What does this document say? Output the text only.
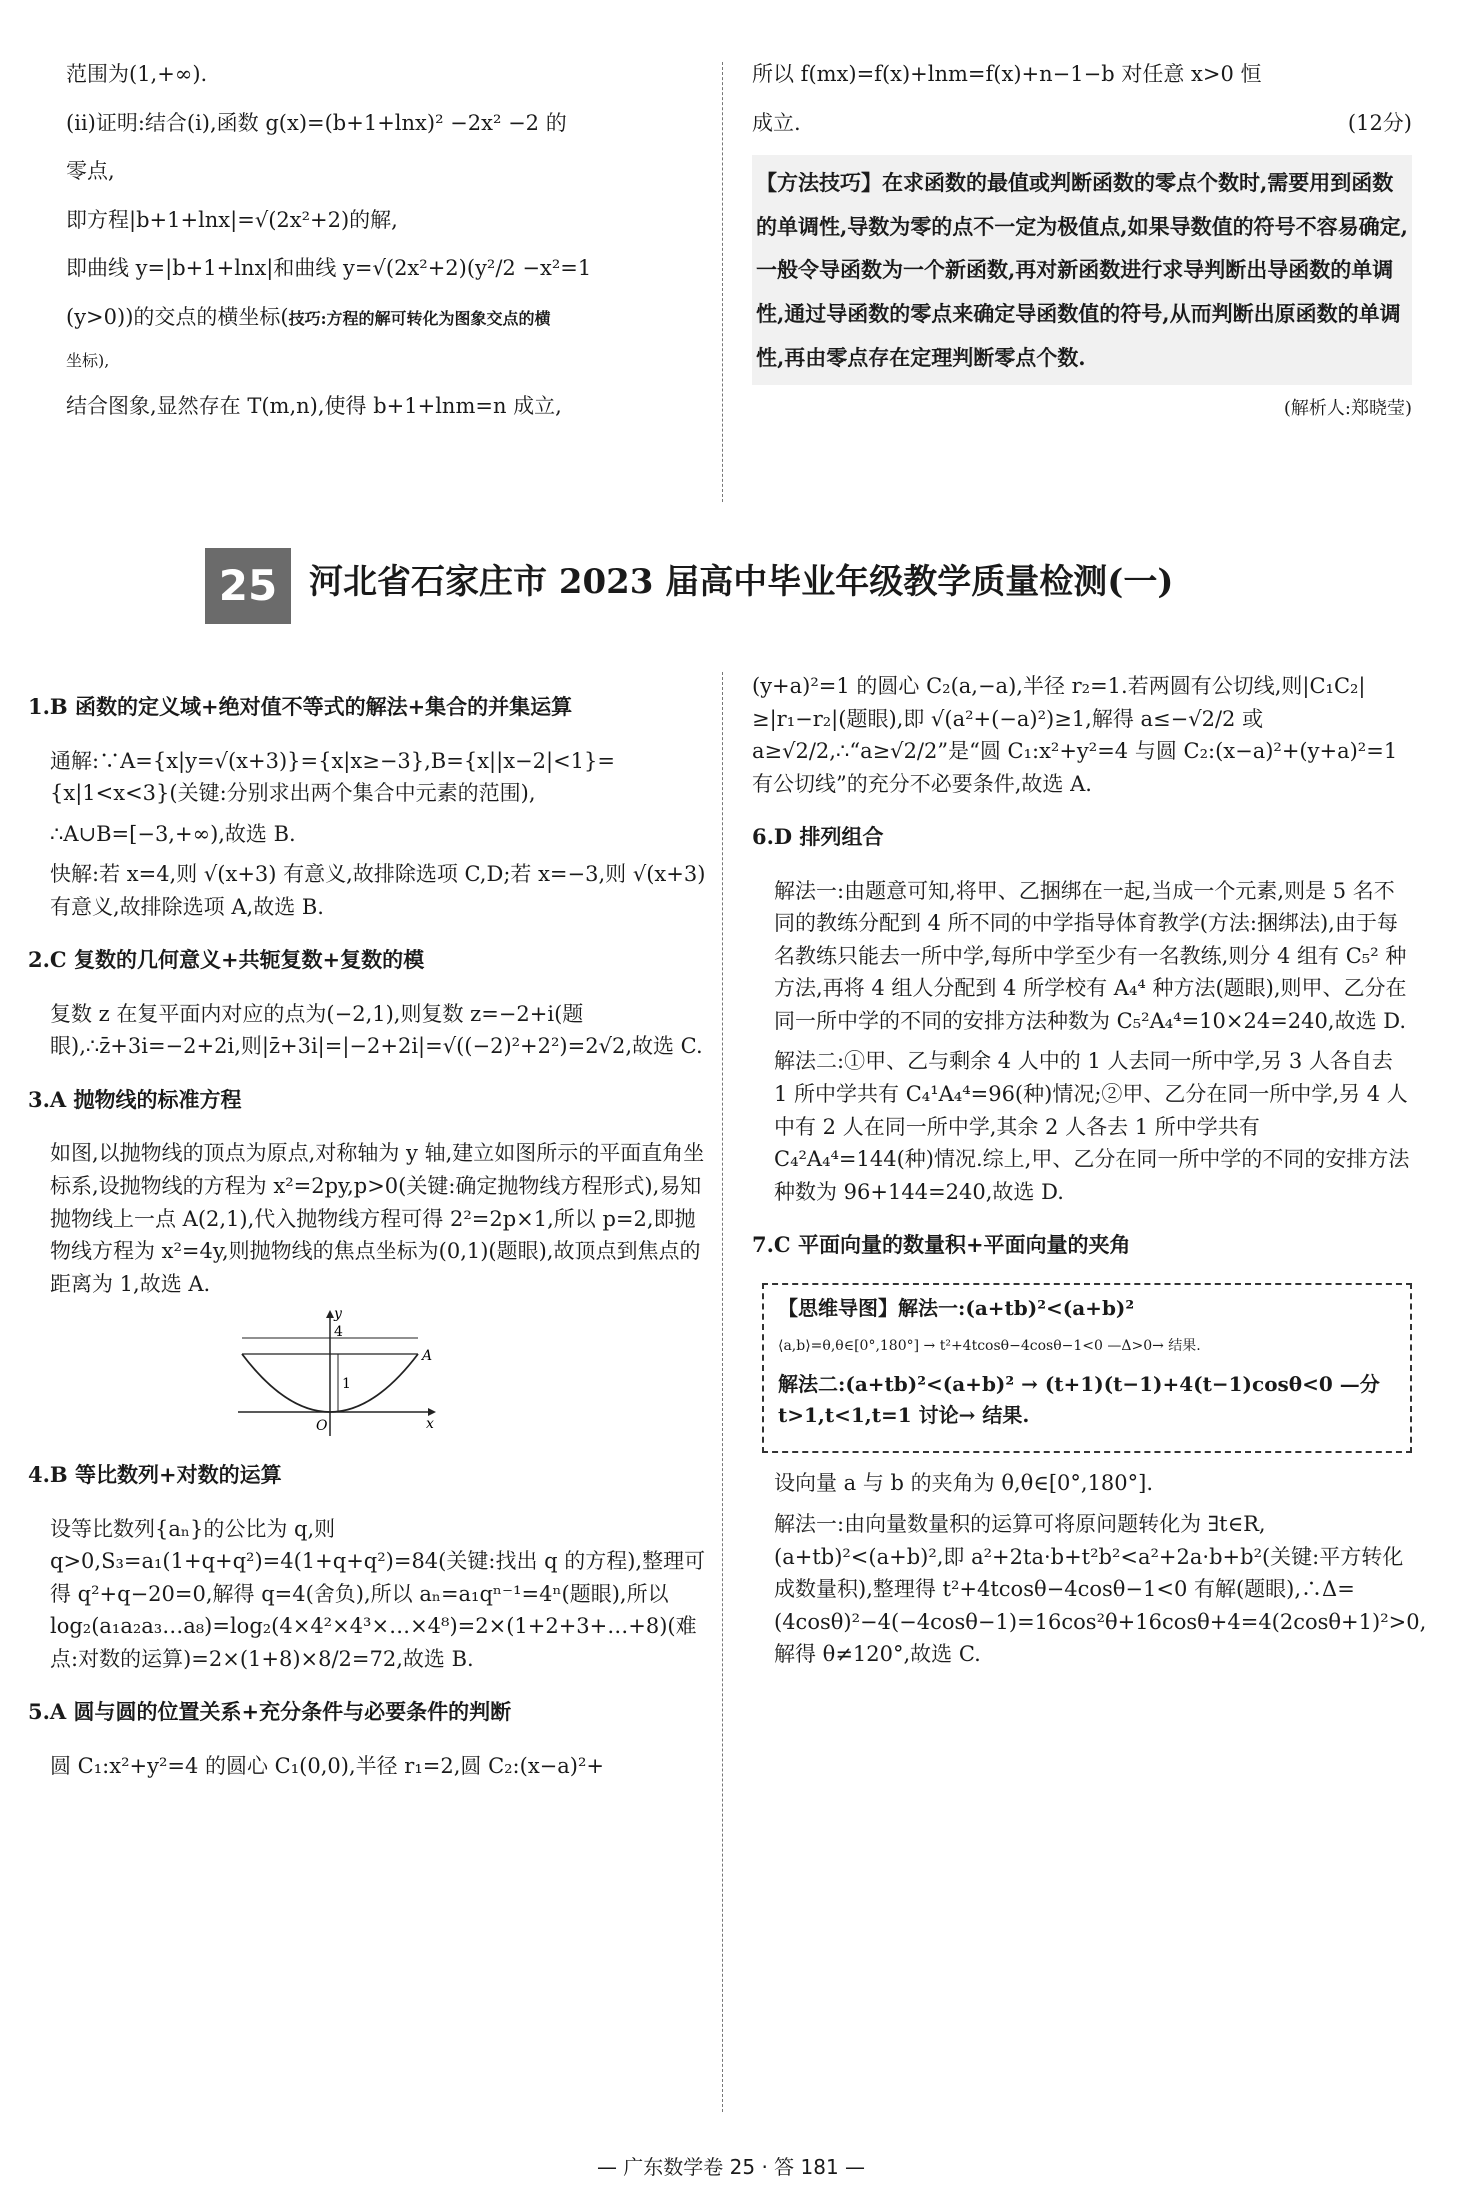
范围为(1,+∞).

(ⅱ)证明:结合(ⅰ),函数 g(x)=(b+1+lnx)² −2x² −2 的

零点,

即方程|b+1+lnx|=√(2x²+2)的解,

即曲线 y=|b+1+lnx|和曲线 y=√(2x²+2)(y²/2 −x²=1

(y>0))的交点的横坐标(技巧:方程的解可转化为图象交点的横

坐标),

结合图象,显然存在 T(m,n),使得 b+1+lnm=n 成立,

所以 f(mx)=f(x)+lnm=f(x)+n−1−b 对任意 x>0 恒

成立.	(12分)

【方法技巧】在求函数的最值或判断函数的零点个数时,需要用到函数的单调性,导数为零的点不一定为极值点,如果导数值的符号不容易确定,一般令导函数为一个新函数,再对新函数进行求导判断出导函数的单调性,通过导函数的零点来确定导函数值的符号,从而判断出原函数的单调性,再由零点存在定理判断零点个数.

(解析人:郑晓莹)

25 河北省石家庄市 2023 届高中毕业年级教学质量检测(一)

1.B 函数的定义域+绝对值不等式的解法+集合的并集运算

通解:∵A={x|y=√(x+3)}={x|x≥−3},B={x||x−2|<1}={x|1<x<3}(关键:分别求出两个集合中元素的范围),

∴A∪B=[−3,+∞),故选 B.

快解:若 x=4,则 √(x+3) 有意义,故排除选项 C,D;若 x=−3,则 √(x+3) 有意义,故排除选项 A,故选 B.

2.C 复数的几何意义+共轭复数+复数的模

复数 z 在复平面内对应的点为(−2,1),则复数 z=−2+i(题眼),∴z̄+3i=−2+2i,则|z̄+3i|=|−2+2i|=√((−2)²+2²)=2√2,故选 C.

3.A 抛物线的标准方程

如图,以抛物线的顶点为原点,对称轴为 y 轴,建立如图所示的平面直角坐标系,设抛物线的方程为 x²=2py,p>0(关键:确定抛物线方程形式),易知抛物线上一点 A(2,1),代入抛物线方程可得 2²=2p×1,所以 p=2,即抛物线方程为 x²=4y,则抛物线的焦点坐标为(0,1)(题眼),故顶点到焦点的距离为 1,故选 A.

y
x
O
A
4
1

4.B 等比数列+对数的运算

设等比数列{aₙ}的公比为 q,则 q>0,S₃=a₁(1+q+q²)=4(1+q+q²)=84(关键:找出 q 的方程),整理可得 q²+q−20=0,解得 q=4(舍负),所以 aₙ=a₁qⁿ⁻¹=4ⁿ(题眼),所以 log₂(a₁a₂a₃…a₈)=log₂(4×4²×4³×…×4⁸)=2×(1+2+3+…+8)(难点:对数的运算)=2×(1+8)×8/2=72,故选 B.

5.A 圆与圆的位置关系+充分条件与必要条件的判断

圆 C₁:x²+y²=4 的圆心 C₁(0,0),半径 r₁=2,圆 C₂:(x−a)²+

(y+a)²=1 的圆心 C₂(a,−a),半径 r₂=1.若两圆有公切线,则|C₁C₂|≥|r₁−r₂|(题眼),即 √(a²+(−a)²)≥1,解得 a≤−√2/2 或 a≥√2/2,∴“a≥√2/2”是“圆 C₁:x²+y²=4 与圆 C₂:(x−a)²+(y+a)²=1 有公切线”的充分不必要条件,故选 A.

6.D 排列组合

解法一:由题意可知,将甲、乙捆绑在一起,当成一个元素,则是 5 名不同的教练分配到 4 所不同的中学指导体育教学(方法:捆绑法),由于每名教练只能去一所中学,每所中学至少有一名教练,则分 4 组有 C₅² 种方法,再将 4 组人分配到 4 所学校有 A₄⁴ 种方法(题眼),则甲、乙分在同一所中学的不同的安排方法种数为 C₅²A₄⁴=10×24=240,故选 D.

解法二:①甲、乙与剩余 4 人中的 1 人去同一所中学,另 3 人各自去 1 所中学共有 C₄¹A₄⁴=96(种)情况;②甲、乙分在同一所中学,另 4 人中有 2 人在同一所中学,其余 2 人各去 1 所中学共有 C₄²A₄⁴=144(种)情况.综上,甲、乙分在同一所中学的不同的安排方法种数为 96+144=240,故选 D.

7.C 平面向量的数量积+平面向量的夹角

【思维导图】解法一:(a+tb)²<(a+b)²

⟨a,b⟩=θ,θ∈[0°,180°] → t²+4tcosθ−4cosθ−1<0 —Δ>0→ 结果.

解法二:(a+tb)²<(a+b)² → (t+1)(t−1)+4(t−1)cosθ<0 —分 t>1,t<1,t=1 讨论→ 结果.

设向量 a 与 b 的夹角为 θ,θ∈[0°,180°].

解法一:由向量数量积的运算可将原问题转化为 ∃t∈R,(a+tb)²<(a+b)²,即 a²+2ta·b+t²b²<a²+2a·b+b²(关键:平方转化成数量积),整理得 t²+4tcosθ−4cosθ−1<0 有解(题眼),∴Δ=(4cosθ)²−4(−4cosθ−1)=16cos²θ+16cosθ+4=4(2cosθ+1)²>0,解得 θ≠120°,故选 C.

— 广东数学卷 25 · 答 181 —
